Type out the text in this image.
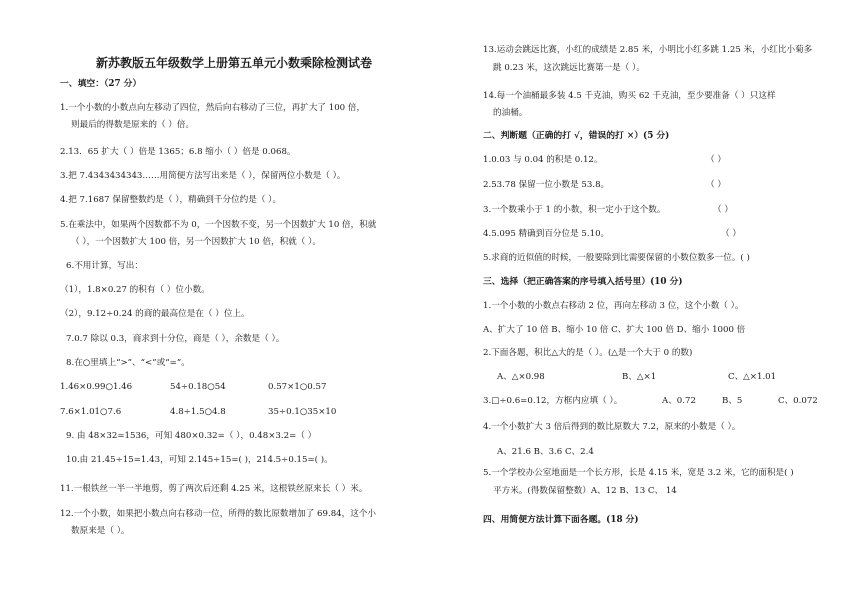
一、填空：（27 分）
1.一个小数的小数点向左移动了四位，然后向右移动了三位，再扩大了 100 倍，
则最后的得数是原来的（ ）倍。
2.13．65 扩大（ ）倍是 1365；6.8 缩小（ ）倍是 0.068。
3.把 7.4343434343……用简便方法写出来是（ ），保留两位小数是（ ）。
4.把 7.1687 保留整数约是（ ），精确到千分位约是（ ）。
5.在乘法中，如果两个因数都不为 0，一个因数不变，另一个因数扩大 10 倍，积就
（ ），一个因数扩大 100 倍，另一个因数扩大 10 倍，积就（ ）。
6.不用计算，写出：
（1），1.8×0.27 的积有（ ）位小数。
（2），9.12÷0.24 的商的最高位是在（ ）位上。
7.0.7 除以 0.3，商求到十分位，商是（ ），余数是（ ）。
8.在○里填上“>”、“<”或“=”。
1.46×0.99○1.46	54÷0.18○54	0.57×1○0.57
7.6×1.01○7.6	4.8÷1.5○4.8	35÷0.1○35×10
9. 由 48×32=1536，可知 480×0.32=（ ），0.48×3.2=（ ）
10.由 21.45÷15=1.43，可知 2.145÷15=( )，214.5÷0.15=( )。
11.一根铁丝一半一半地剪，剪了两次后还剩 4.25 米，这根铁丝原来长（ ）米。
12.一个小数，如果把小数点向右移动一位，所得的数比原数增加了 69.84，这个小
数原来是（ ）。
13.运动会跳远比赛，小红的成绩是 2.85 米，小明比小红多跳 1.25 米，小红比小菊多
跳 0.23 米，这次跳远比赛第一是（ ）。
14.每一个油桶最多装 4.5 千克油，购买 62 千克油，至少要准备（ ）只这样
的油桶。
二、判断题（正确的打 √，错误的打 ×）(5 分)
1.0.03 与 0.04 的积是 0.12。	（ ）
2.53.78 保留一位小数是 53.8。	（ ）
3.一个数乘小于 1 的小数，积一定小于这个数。	（ ）
4.5.095 精确到百分位是 5.10。	（ ）
5.求商的近似值的时候，一般要除到比需要保留的小数位数多一位。( )
三、选择（把正确答案的序号填入括号里）(10 分)
1.一个小数的小数点右移动 2 位，再向左移动 3 位，这个小数（ ）。
A、扩大了 10 倍 B、缩小 10 倍 C、扩大 100 倍 D、缩小 1000 倍
2.下面各题，积比△大的是（ ）。(△是一个大于 0 的数)
A、△×0.98	B、△×1	C、△×1.01
3.□÷0.6=0.12，方框内应填（ ）。	A、0.72	B、5	C、0.072
4.一个小数扩大 3 倍后得到的数比原数大 7.2，原来的小数是（ ）。
A、21.6 B、3.6 C、2.4
5.一个学校办公室地面是一个长方形，长是 4.15 米，宽是 3.2 米，它的面积是( )
平方米。(得数保留整数）A、12 B、13 C、 14
四、用简便方法计算下面各题。(18 分)
新苏教版五年级数学上册第五单元小数乘除检测试卷
